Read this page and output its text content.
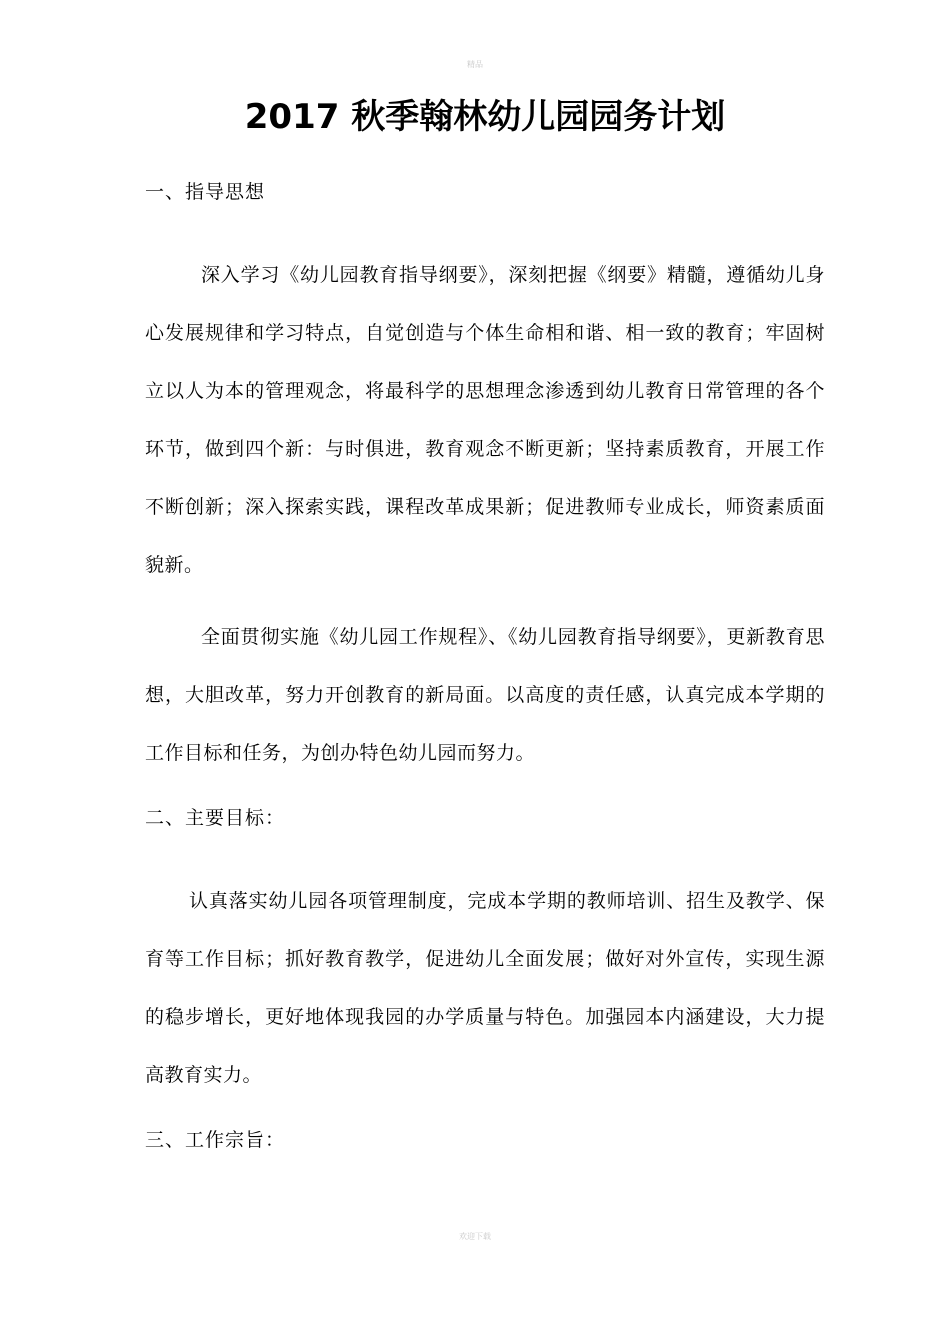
精品
2017 秋季翰林幼儿园园务计划
一、指导思想

深入学习《幼儿园教育指导纲要》，深刻把握《纲要》精髓，遵循幼儿身心发展规律和学习特点，自觉创造与个体生命相和谐、相一致的教育；牢固树立以人为本的管理观念，将最科学的思想理念渗透到幼儿教育日常管理的各个环节，做到四个新：与时俱进，教育观念不断更新；坚持素质教育，开展工作不断创新；深入探索实践，课程改革成果新；促进教师专业成长，师资素质面貌新。

全面贯彻实施《幼儿园工作规程》、《幼儿园教育指导纲要》，更新教育思想，大胆改革，努力开创教育的新局面。以高度的责任感，认真完成本学期的工作目标和任务，为创办特色幼儿园而努力。

二、主要目标：

认真落实幼儿园各项管理制度，完成本学期的教师培训、招生及教学、保育等工作目标；抓好教育教学，促进幼儿全面发展；做好对外宣传，实现生源的稳步增长，更好地体现我园的办学质量与特色。加强园本内涵建设，大力提高教育实力。

三、工作宗旨：
欢迎下载
